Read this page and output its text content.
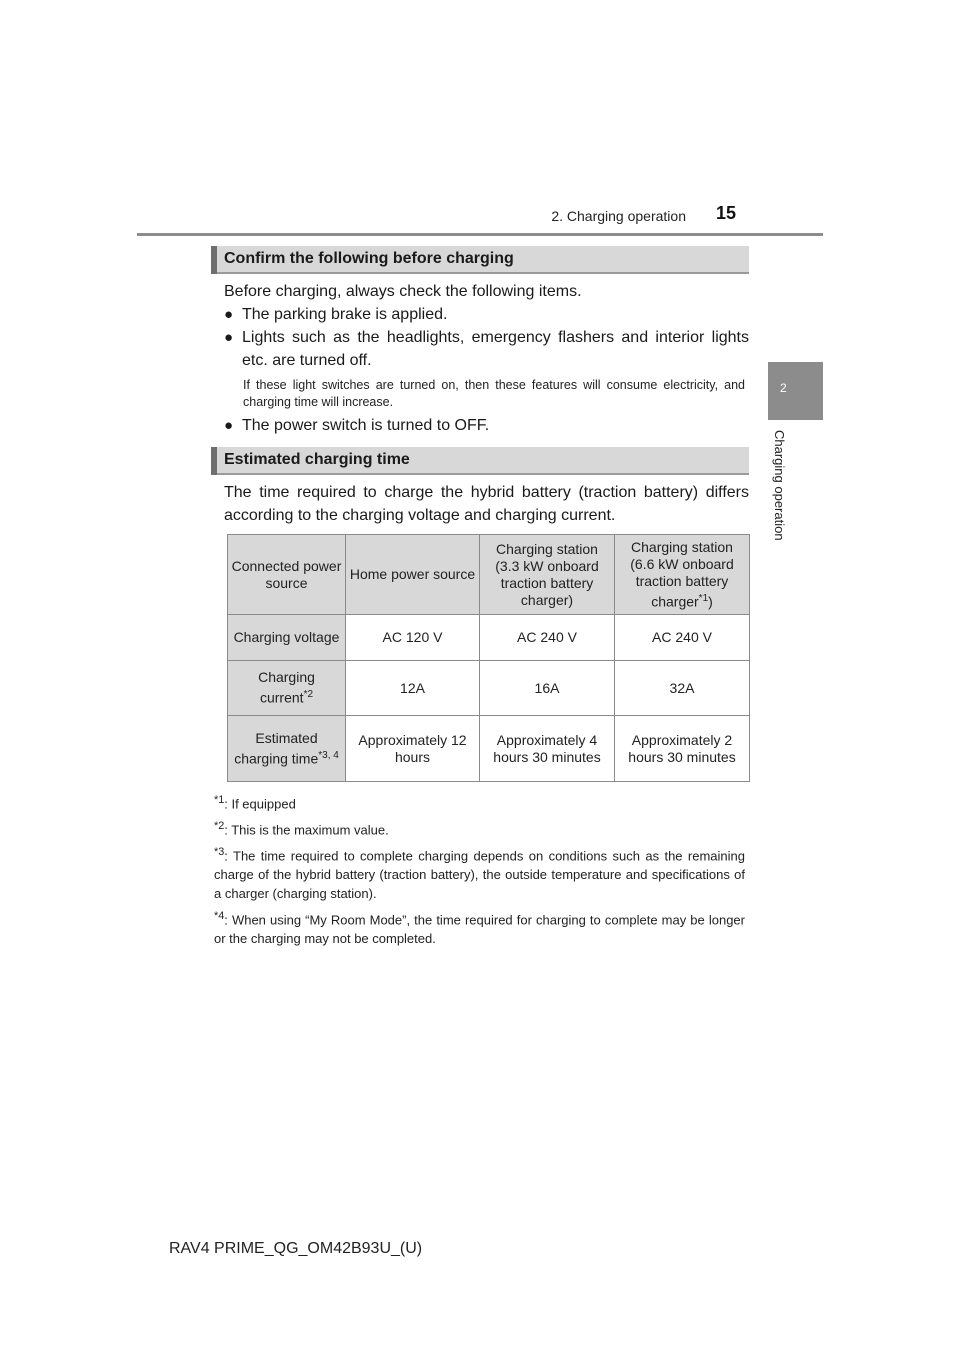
2. Charging operation 15
2
Charging operation
Confirm the following before charging
Before charging, always check the following items.
● The parking brake is applied.
● Lights such as the headlights, emergency flashers and interior lights etc. are turned off.
If these light switches are turned on, then these features will consume electricity, and charging time will increase.
● The power switch is turned to OFF.
Estimated charging time
The time required to charge the hybrid battery (traction battery) differs according to the charging voltage and charging current.
Connected power source	Home power source	Charging station (3.3 kW onboard traction battery charger)	Charging station (6.6 kW onboard traction battery charger$^{*1}$)
Charging voltage	AC 120 V	AC 240 V	AC 240 V
Charging current$^{*2}$	12A	16A	32A
Estimated charging time$^{*3, 4}$	Approximately 12 hours	Approximately 4 hours 30 minutes	Approximately 2 hours 30 minutes
$^{*1}$: If equipped
$^{*2}$: This is the maximum value.
$^{*3}$: The time required to complete charging depends on conditions such as the remaining charge of the hybrid battery (traction battery), the outside temperature and specifications of a charger (charging station).
$^{*4}$: When using “My Room Mode”, the time required for charging to complete may be longer or the charging may not be completed.
RAV4 PRIME_QG_OM42B93U_(U)
